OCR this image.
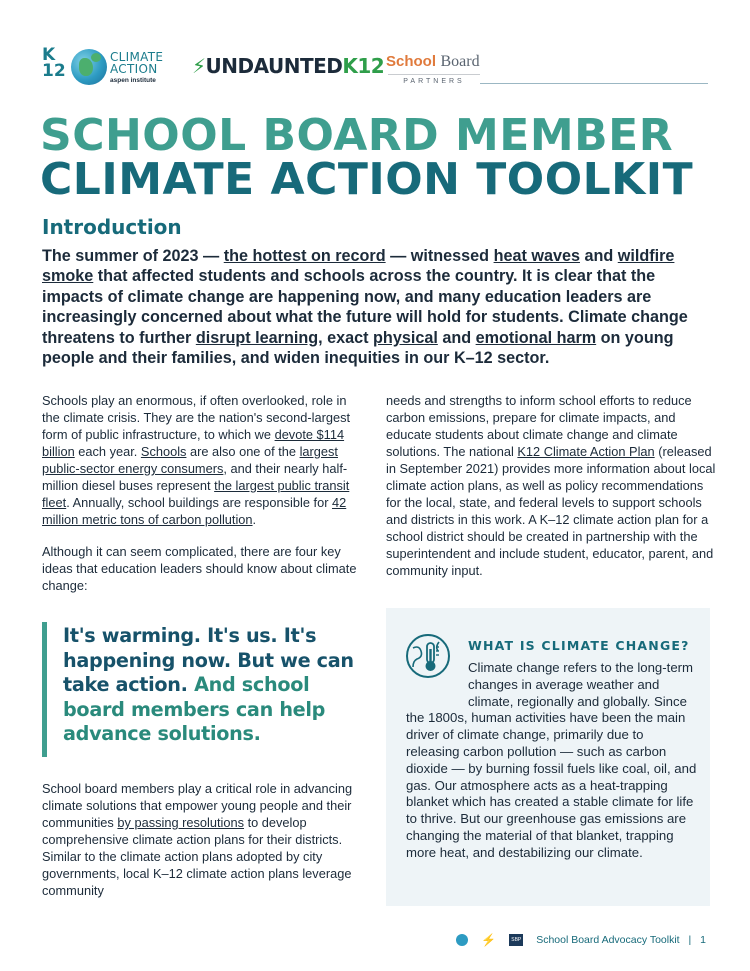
K 12
CLIMATE
ACTION
aspen institute
⚡UNDAUNTEDK12 School Board
PARTNERS
SCHOOL BOARD MEMBER
CLIMATE ACTION TOOLKIT
Introduction

The summer of 2023 — the hottest on record — witnessed heat waves and wildfire smoke that affected students and schools across the country. It is clear that the impacts of climate change are happening now, and many education leaders are increasingly concerned about what the future will hold for students. Climate change threatens to further disrupt learning, exact physical and emotional harm on young people and their families, and widen inequities in our K–12 sector.

Schools play an enormous, if often overlooked, role in the climate crisis. They are the nation's second-largest form of public infrastructure, to which we devote $114 billion each year. Schools are also one of the largest public-sector energy consumers, and their nearly half-million diesel buses represent the largest public transit fleet. Annually, school buildings are responsible for 42 million metric tons of carbon pollution.

Although it can seem complicated, there are four key ideas that education leaders should know about climate change:

It's warming. It's us. It's happening now. But we can take action. And school board members can help advance solutions.

School board members play a critical role in advancing climate solutions that empower young people and their communities by passing resolutions to develop comprehensive climate action plans for their districts. Similar to the climate action plans adopted by city governments, local K–12 climate action plans leverage community

needs and strengths to inform school efforts to reduce carbon emissions, prepare for climate impacts, and educate students about climate change and climate solutions. The national K12 Climate Action Plan (released in September 2021) provides more information about local climate action plans, as well as policy recommendations for the local, state, and federal levels to support schools and districts in this work. A K–12 climate action plan for a school district should be created in partnership with the superintendent and include student, educator, parent, and community input.

WHAT IS CLIMATE CHANGE?

Climate change refers to the long-term changes in average weather and climate, regionally and globally. Since the 1800s, human activities have been the main driver of climate change, primarily due to releasing carbon pollution — such as carbon dioxide — by burning fossil fuels like coal, oil, and gas. Our atmosphere acts as a heat-trapping blanket which has created a stable climate for life to thrive. But our greenhouse gas emissions are changing the material of that blanket, trapping more heat, and destabilizing our climate.

⚡	SBP School Board Advocacy Toolkit | 1
